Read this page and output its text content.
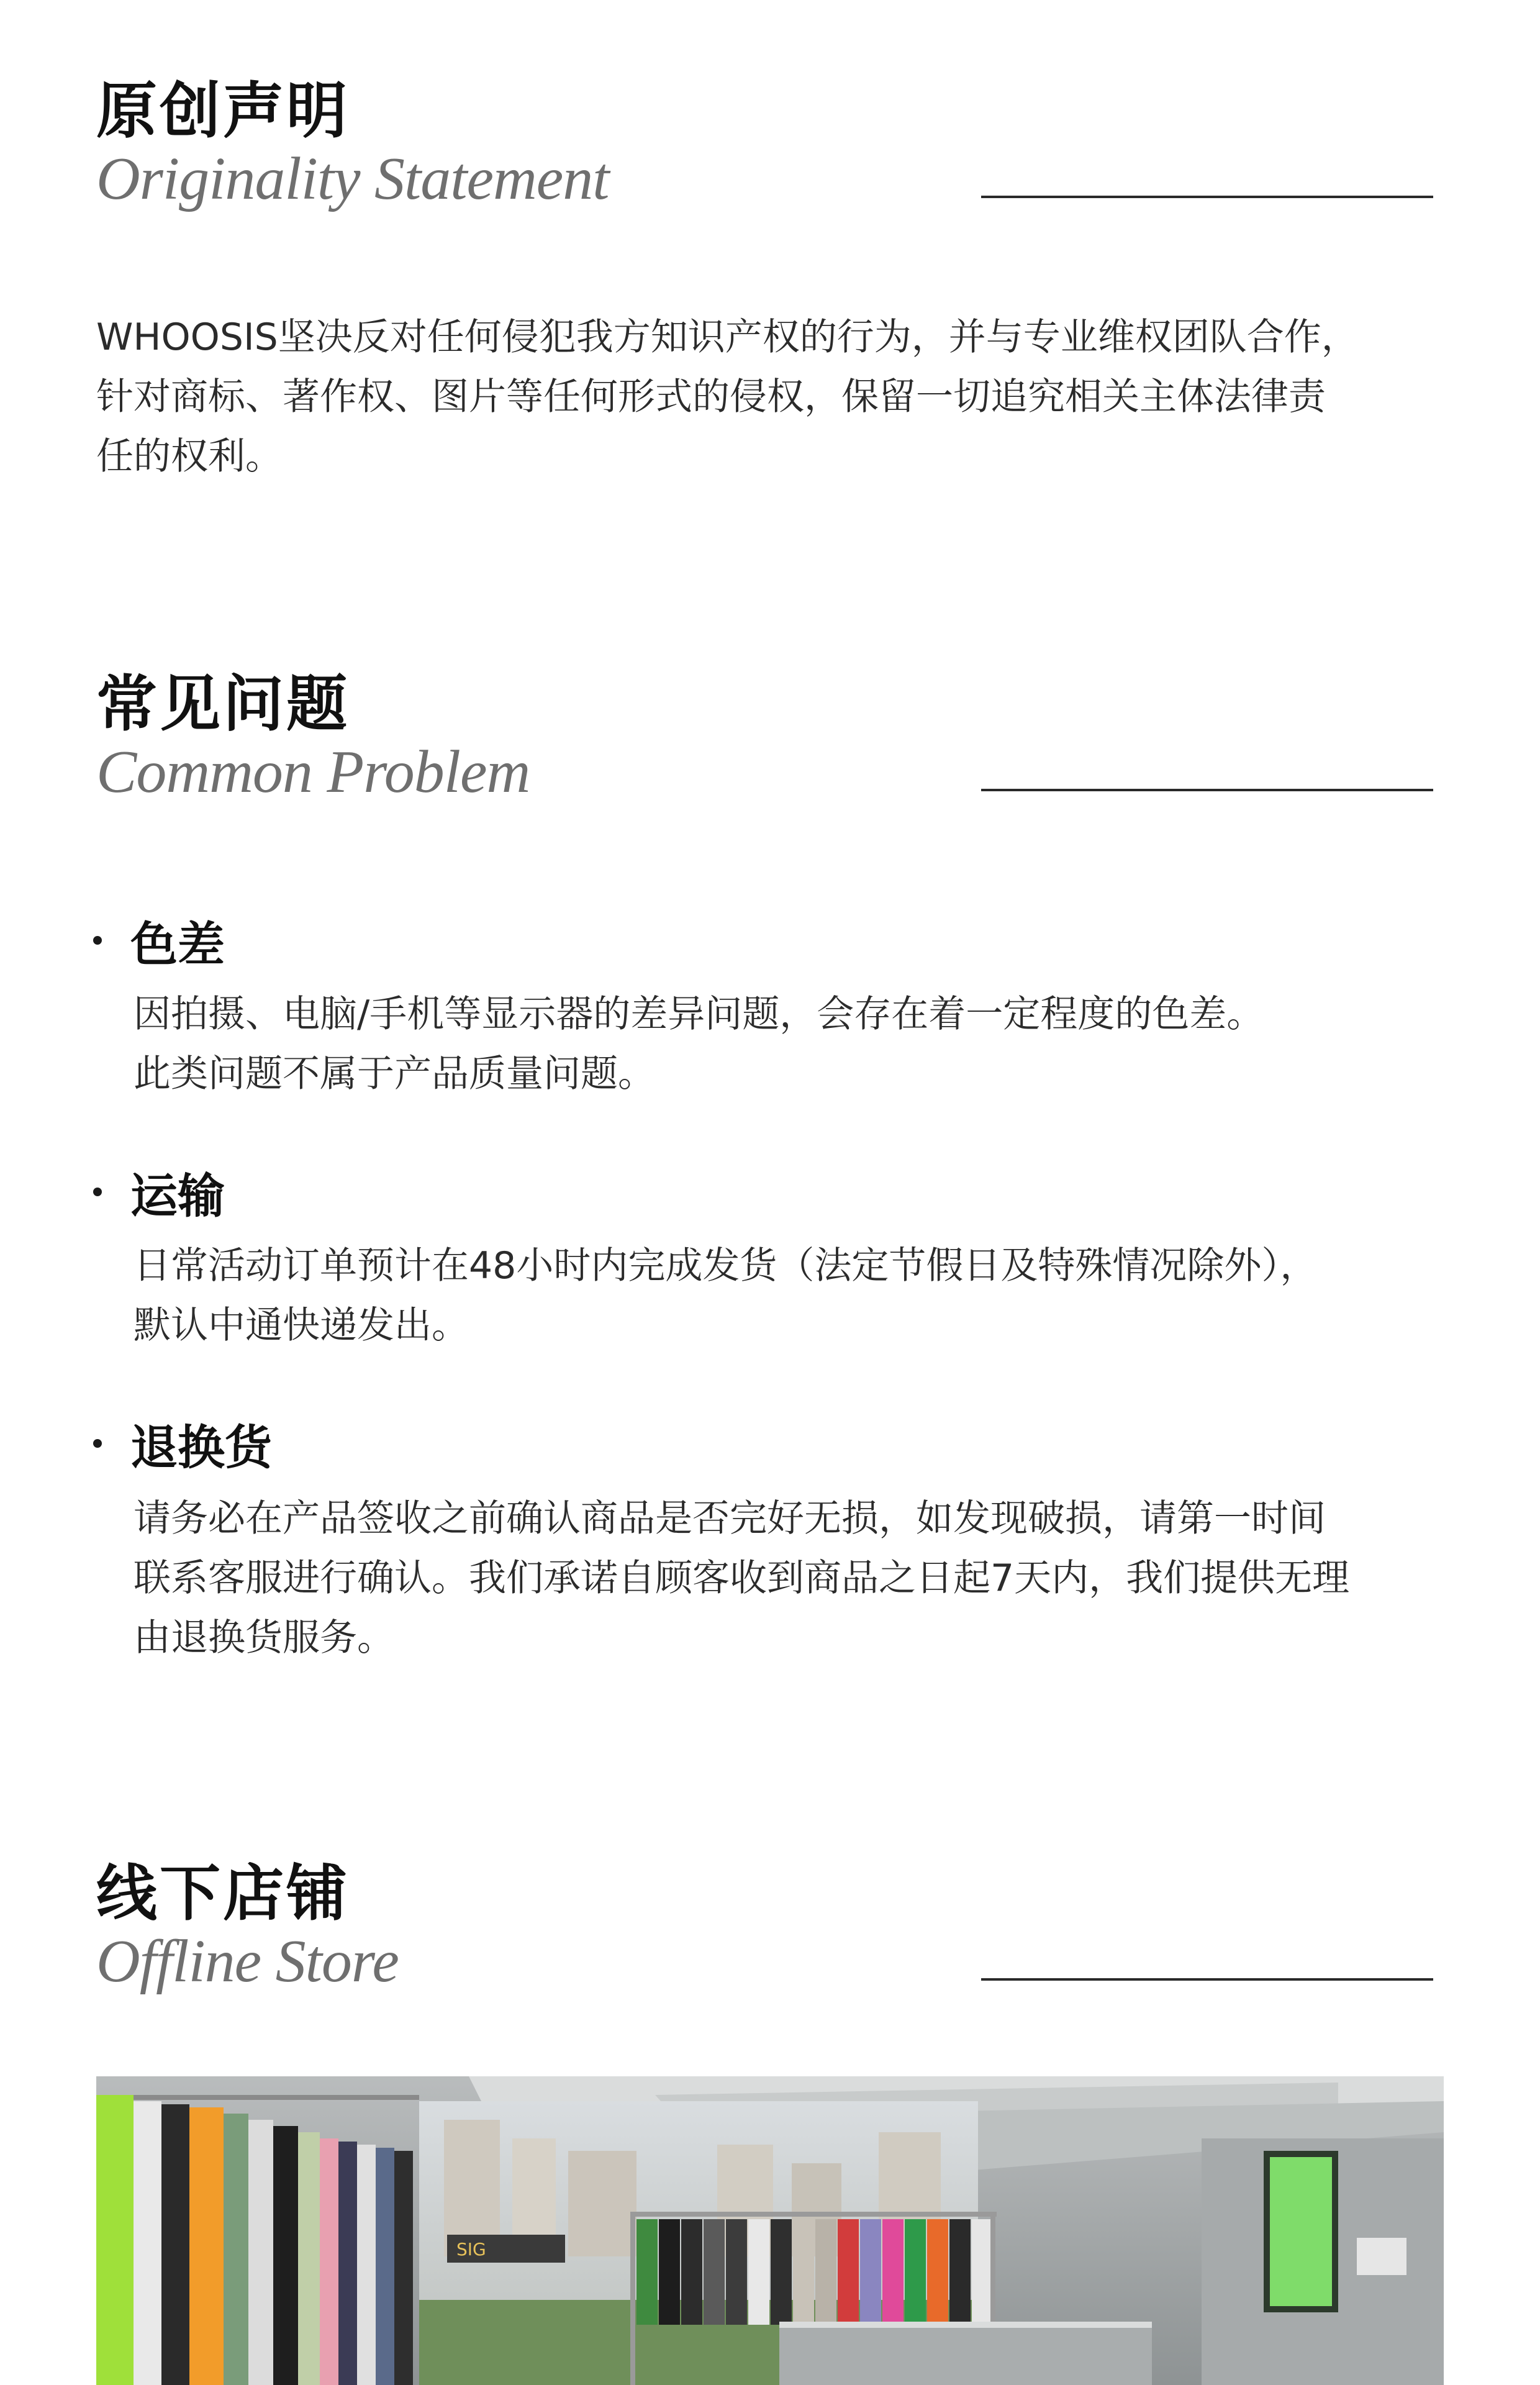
原创声明
Originality Statement
WHOOSIS坚决反对任何侵犯我方知识产权的行为，并与专业维权团队合作，
针对商标、著作权、图片等任何形式的侵权，保留一切追究相关主体法律责
任的权利。
常见问题
Common Problem
色差
因拍摄、电脑/手机等显示器的差异问题，会存在着一定程度的色差。
此类问题不属于产品质量问题。
运输
日常活动订单预计在48小时内完成发货（法定节假日及特殊情况除外），
默认中通快递发出。
退换货
请务必在产品签收之前确认商品是否完好无损，如发现破损，请第一时间
联系客服进行确认。我们承诺自顾客收到商品之日起7天内，我们提供无理
由退换货服务。
线下店铺
Offline Store
SIG
